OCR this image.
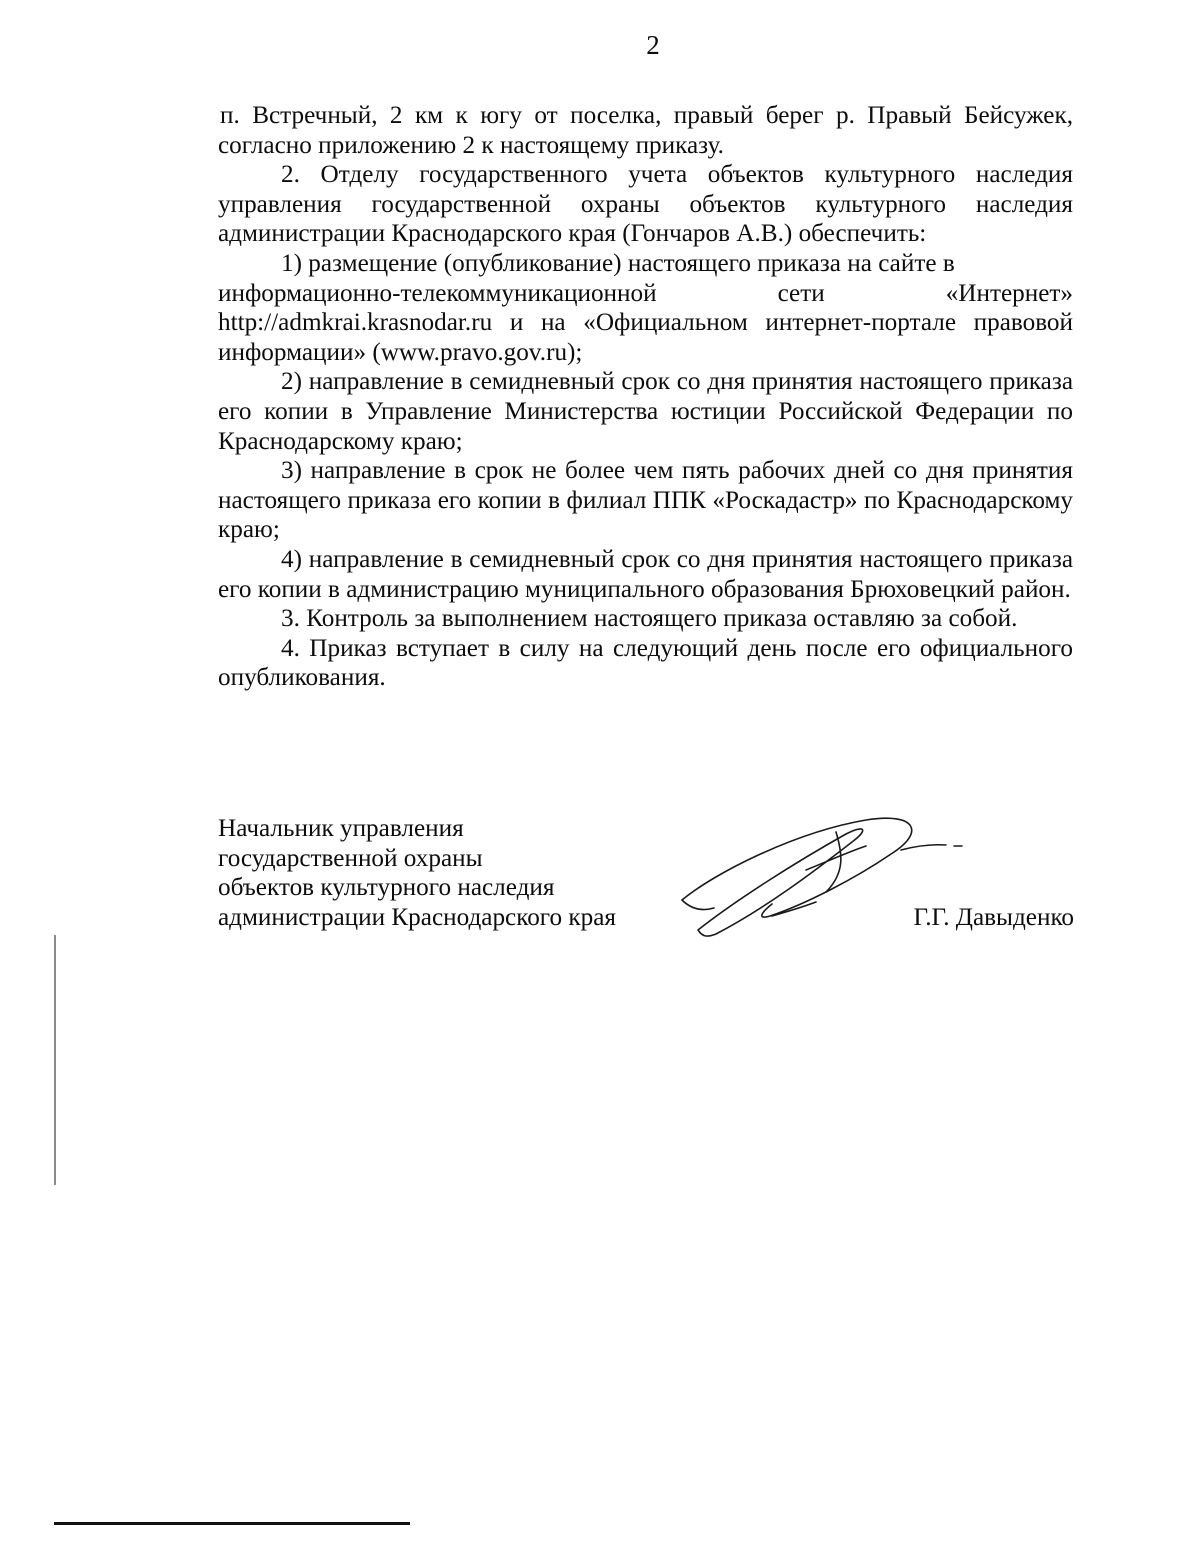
2

п. Встречный, 2 км к югу от поселка, правый берег р. Правый Бейсужек, согласно приложению 2 к настоящему приказу.

2. Отделу государственного учета объектов культурного наследия управления государственной охраны объектов культурного наследия администрации Краснодарского края (Гончаров А.В.) обеспечить:

1) размещение (опубликование) настоящего приказа на сайте в

информационно-телекоммуникационной	сети	«Интернет»

http://admkrai.krasnodar.ru и на «Официальном интернет-портале правовой информации» (www.pravo.gov.ru);

2) направление в семидневный срок со дня принятия настоящего приказа его копии в Управление Министерства юстиции Российской Федерации по Краснодарскому краю;

3) направление в срок не более чем пять рабочих дней со дня принятия настоящего приказа его копии в филиал ППК «Роскадастр» по Краснодарскому краю;

4) направление в семидневный срок со дня принятия настоящего приказа его копии в администрацию муниципального образования Брюховецкий район.

3. Контроль за выполнением настоящего приказа оставляю за собой.

4. Приказ вступает в силу на следующий день после его официального опубликования.

Начальник управления
государственной охраны
объектов культурного наследия
администрации Краснодарского края	Г.Г. Давыденко
